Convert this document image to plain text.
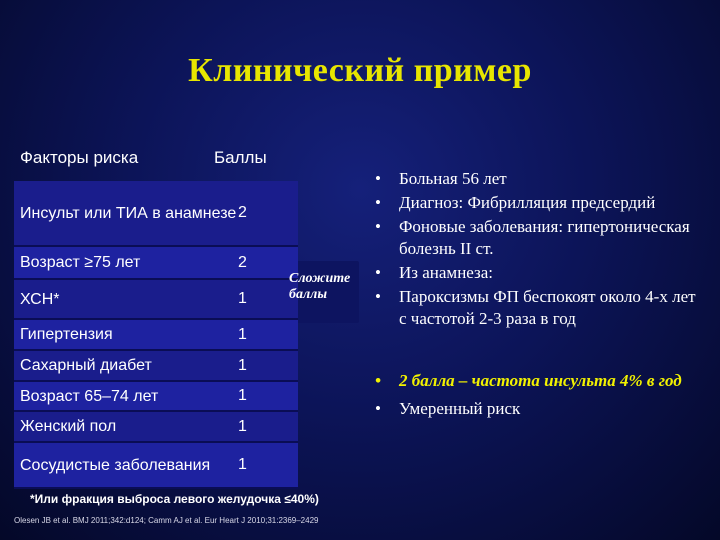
Клинический пример
Факторы риска	Баллы
Инсульт или ТИА в анамнезе 2
Возраст ≥75 лет	2
ХСН*	1
Гипертензия	1
Сахарный диабет	1
Возраст 65–74 лет	1
Женский пол	1
Сосудистые заболевания	1
Сложите
баллы
*Или фракция выброса левого желудочка ≤40%)
Olesen JB et al. BMJ 2011;342:d124; Camm AJ et al. Eur Heart J 2010;31:2369–2429
• Больная 56 лет
• Диагноз: Фибрилляция предсердий
• Фоновые заболевания: гипертоническая болезнь II ст.
• Из анамнеза:
• Пароксизмы ФП беспокоят около 4-х лет с частотой 2-3 раза в год
• 2 балла – частота инсульта 4% в год
• Умеренный риск
